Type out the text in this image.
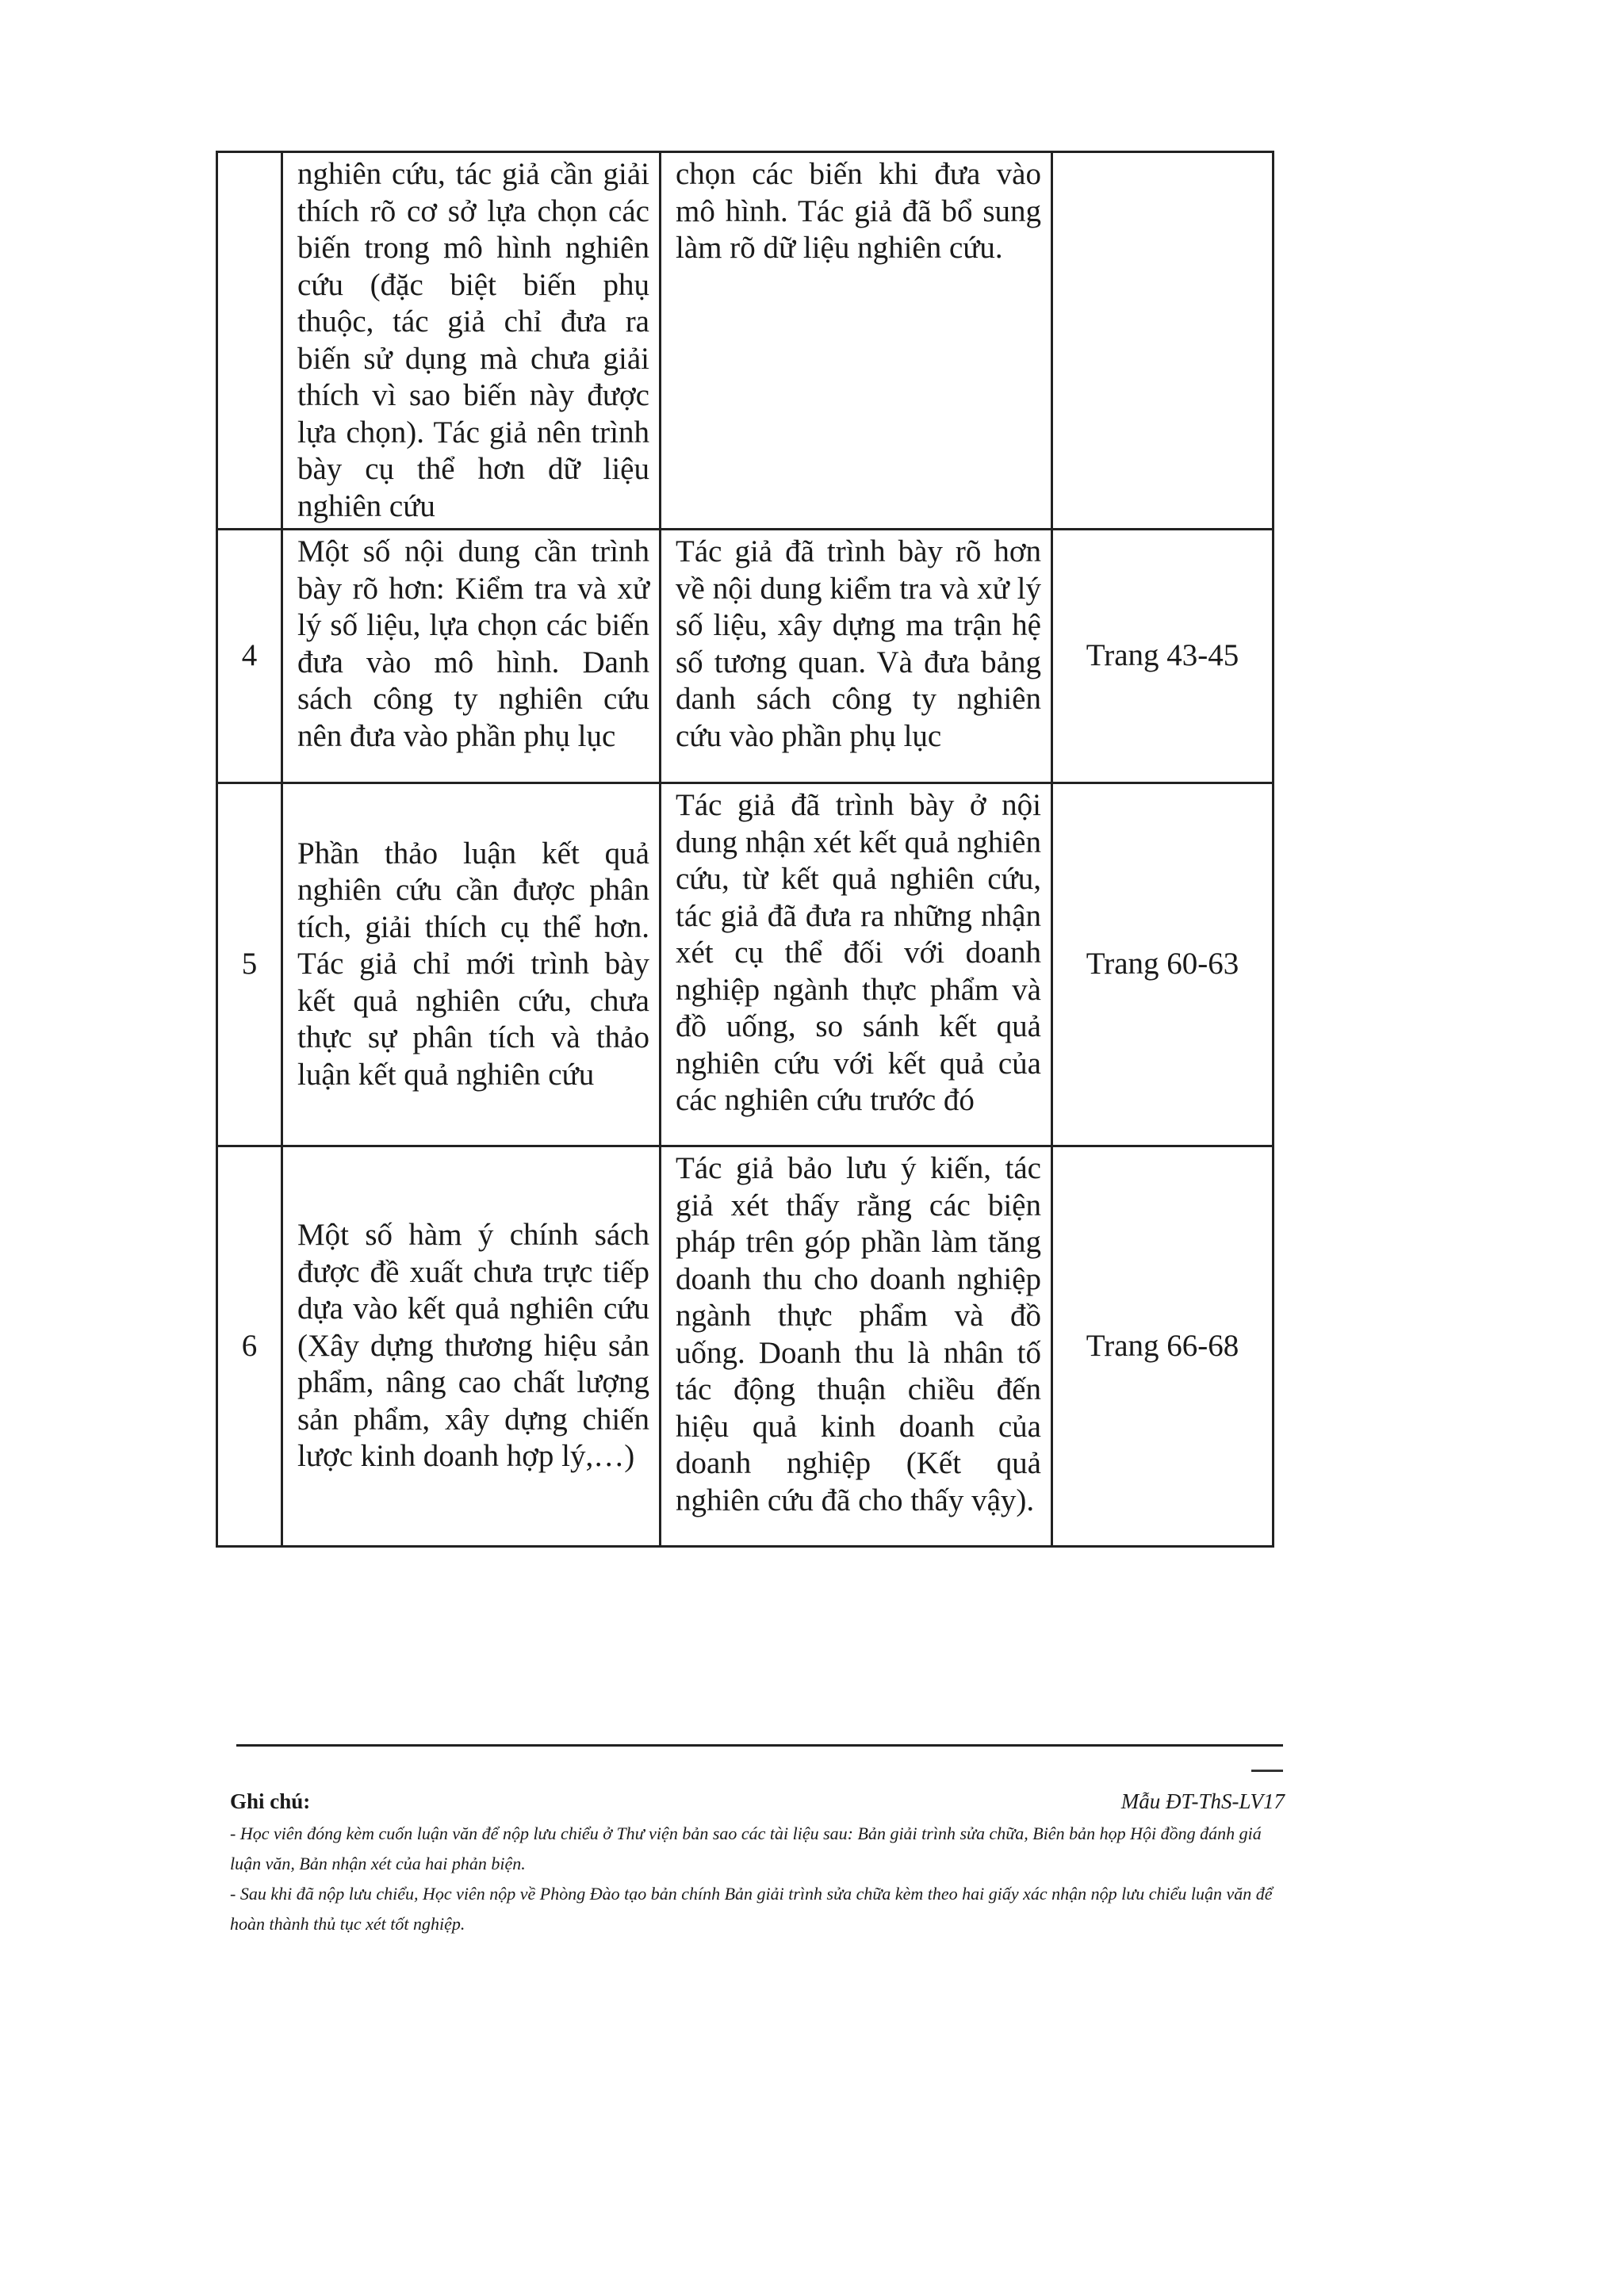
	nghiên cứu, tác giả cần giải thích rõ cơ sở lựa chọn các biến trong mô hình nghiên cứu (đặc biệt biến phụ thuộc, tác giả chỉ đưa ra biến sử dụng mà chưa giải thích vì sao biến này được lựa chọn). Tác giả nên trình bày cụ thể hơn dữ liệu nghiên cứu	chọn các biến khi đưa vào mô hình. Tác giả đã bổ sung làm rõ dữ liệu nghiên cứu.	
4	Một số nội dung cần trình bày rõ hơn: Kiểm tra và xử lý số liệu, lựa chọn các biến đưa vào mô hình. Danh sách công ty nghiên cứu nên đưa vào phần phụ lục	Tác giả đã trình bày rõ hơn về nội dung kiểm tra và xử lý số liệu, xây dựng ma trận hệ số tương quan. Và đưa bảng danh sách công ty nghiên cứu vào phần phụ lục	Trang 43-45
5	Phần thảo luận kết quả nghiên cứu cần được phân tích, giải thích cụ thể hơn. Tác giả chỉ mới trình bày kết quả nghiên cứu, chưa thực sự phân tích và thảo luận kết quả nghiên cứu	Tác giả đã trình bày ở nội dung nhận xét kết quả nghiên cứu, từ kết quả nghiên cứu, tác giả đã đưa ra những nhận xét cụ thể đối với doanh nghiệp ngành thực phẩm và đồ uống, so sánh kết quả nghiên cứu với kết quả của các nghiên cứu trước đó	Trang 60-63
6	Một số hàm ý chính sách được đề xuất chưa trực tiếp dựa vào kết quả nghiên cứu (Xây dựng thương hiệu sản phẩm, nâng cao chất lượng sản phẩm, xây dựng chiến lược kinh doanh hợp lý,…)	Tác giả bảo lưu ý kiến, tác giả xét thấy rằng các biện pháp trên góp phần làm tăng doanh thu cho doanh nghiệp ngành thực phẩm và đồ uống. Doanh thu là nhân tố tác động thuận chiều đến hiệu quả kinh doanh của doanh nghiệp (Kết quả nghiên cứu đã cho thấy vậy).	Trang 66-68
Ghi chú:	Mẫu ĐT-ThS-LV17

- Học viên đóng kèm cuốn luận văn để nộp lưu chiểu ở Thư viện bản sao các tài liệu sau: Bản giải trình sửa chữa, Biên bản họp Hội đồng đánh giá luận văn, Bản nhận xét của hai phản biện.

- Sau khi đã nộp lưu chiểu, Học viên nộp về Phòng Đào tạo bản chính Bản giải trình sửa chữa kèm theo hai giấy xác nhận nộp lưu chiểu luận văn để hoàn thành thủ tục xét tốt nghiệp.
